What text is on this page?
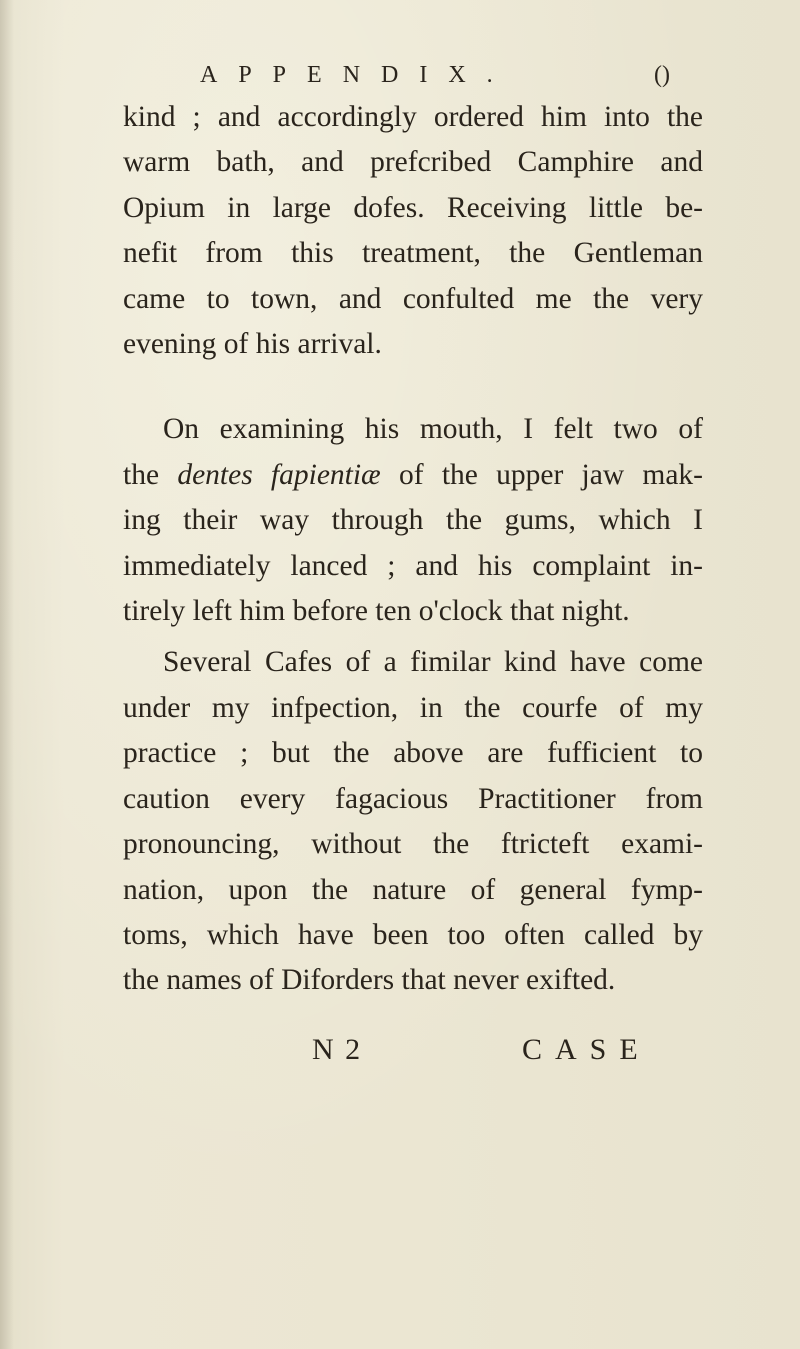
APPENDIX.	()
kind ; and accordingly ordered him into the
warm bath, and prefcribed Camphire and
Opium in large dofes. Receiving little be-
nefit from this treatment, the Gentleman
came to town, and confulted me the very
evening of his arrival.
On examining his mouth, I felt two of
the dentes fapientiæ of the upper jaw mak-
ing their way through the gums, which I
immediately lanced ; and his complaint in-
tirely left him before ten o'clock that night.
Several Cafes of a fimilar kind have come
under my infpection, in the courfe of my
practice ; but the above are fufficient to
caution every fagacious Practitioner from
pronouncing, without the ftricteft exami-
nation, upon the nature of general fymp-
toms, which have been too often called by
the names of Diforders that never exifted.
N 2	CASE
